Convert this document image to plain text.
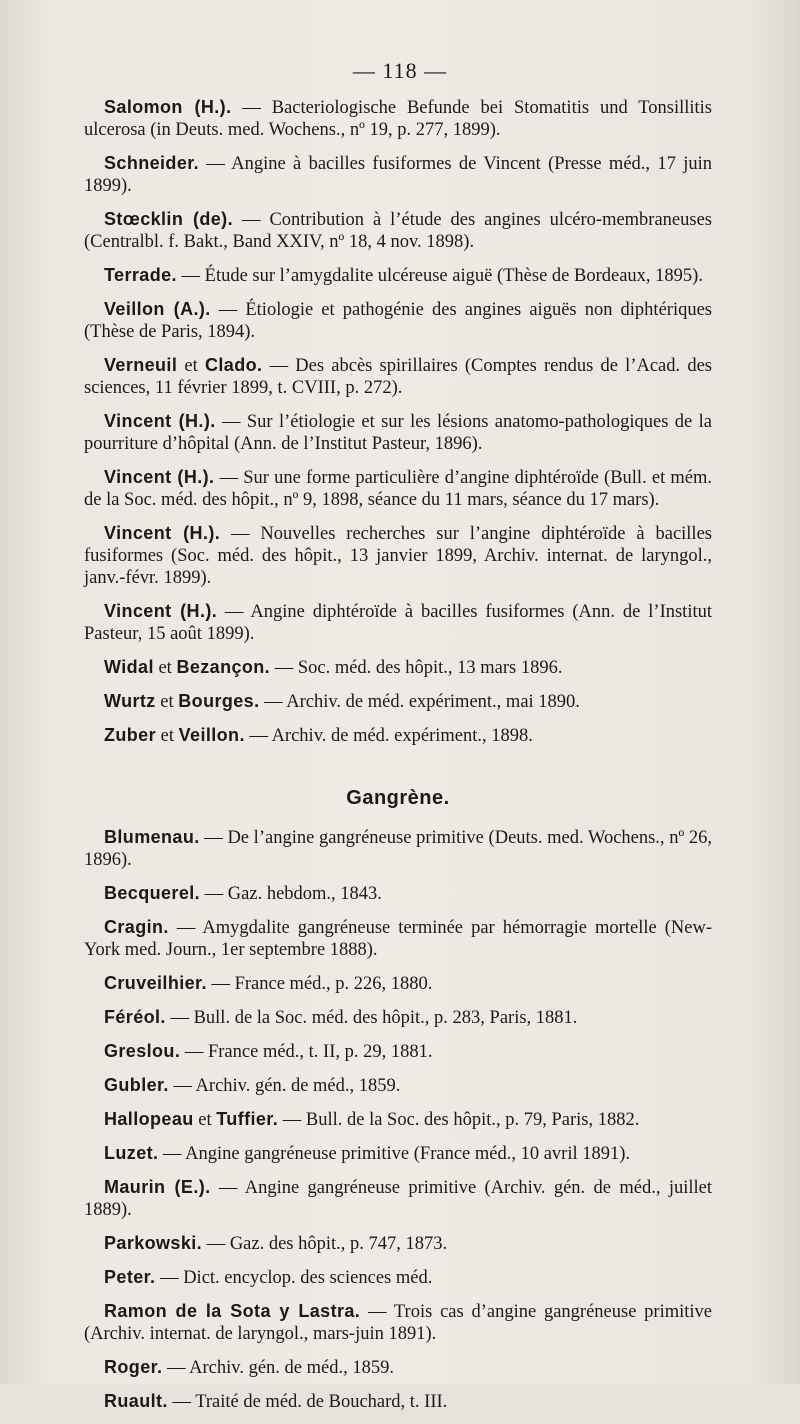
— 118 —

Salomon (H.). — Bacteriologische Befunde bei Stomatitis und Tonsillitis ulcerosa (in Deuts. med. Wochens., nº 19, p. 277, 1899).

Schneider. — Angine à bacilles fusiformes de Vincent (Presse méd., 17 juin 1899).

Stœcklin (de). — Contribution à l’étude des angines ulcéro-membraneuses (Centralbl. f. Bakt., Band XXIV, nº 18, 4 nov. 1898).

Terrade. — Étude sur l’amygdalite ulcéreuse aiguë (Thèse de Bordeaux, 1895).

Veillon (A.). — Étiologie et pathogénie des angines aiguës non diphtériques (Thèse de Paris, 1894).

Verneuil et Clado. — Des abcès spirillaires (Comptes rendus de l’Acad. des sciences, 11 février 1899, t. CVIII, p. 272).

Vincent (H.). — Sur l’étiologie et sur les lésions anatomo-pathologiques de la pourriture d’hôpital (Ann. de l’Institut Pasteur, 1896).

Vincent (H.). — Sur une forme particulière d’angine diphtéroïde (Bull. et mém. de la Soc. méd. des hôpit., nº 9, 1898, séance du 11 mars, séance du 17 mars).

Vincent (H.). — Nouvelles recherches sur l’angine diphtéroïde à bacilles fusiformes (Soc. méd. des hôpit., 13 janvier 1899, Archiv. internat. de laryngol., janv.-févr. 1899).

Vincent (H.). — Angine diphtéroïde à bacilles fusiformes (Ann. de l’Institut Pasteur, 15 août 1899).

Widal et Bezançon. — Soc. méd. des hôpit., 13 mars 1896.

Wurtz et Bourges. — Archiv. de méd. expériment., mai 1890.

Zuber et Veillon. — Archiv. de méd. expériment., 1898.

Gangrène.

Blumenau. — De l’angine gangréneuse primitive (Deuts. med. Wochens., nº 26, 1896).

Becquerel. — Gaz. hebdom., 1843.

Cragin. — Amygdalite gangréneuse terminée par hémorragie mortelle (New-York med. Journ., 1er septembre 1888).

Cruveilhier. — France méd., p. 226, 1880.

Féréol. — Bull. de la Soc. méd. des hôpit., p. 283, Paris, 1881.

Greslou. — France méd., t. II, p. 29, 1881.

Gubler. — Archiv. gén. de méd., 1859.

Hallopeau et Tuffier. — Bull. de la Soc. des hôpit., p. 79, Paris, 1882.

Luzet. — Angine gangréneuse primitive (France méd., 10 avril 1891).

Maurin (E.). — Angine gangréneuse primitive (Archiv. gén. de méd., juillet 1889).

Parkowski. — Gaz. des hôpit., p. 747, 1873.

Peter. — Dict. encyclop. des sciences méd.

Ramon de la Sota y Lastra. — Trois cas d’angine gangréneuse primitive (Archiv. internat. de laryngol., mars-juin 1891).

Roger. — Archiv. gén. de méd., 1859.

Ruault. — Traité de méd. de Bouchard, t. III.
